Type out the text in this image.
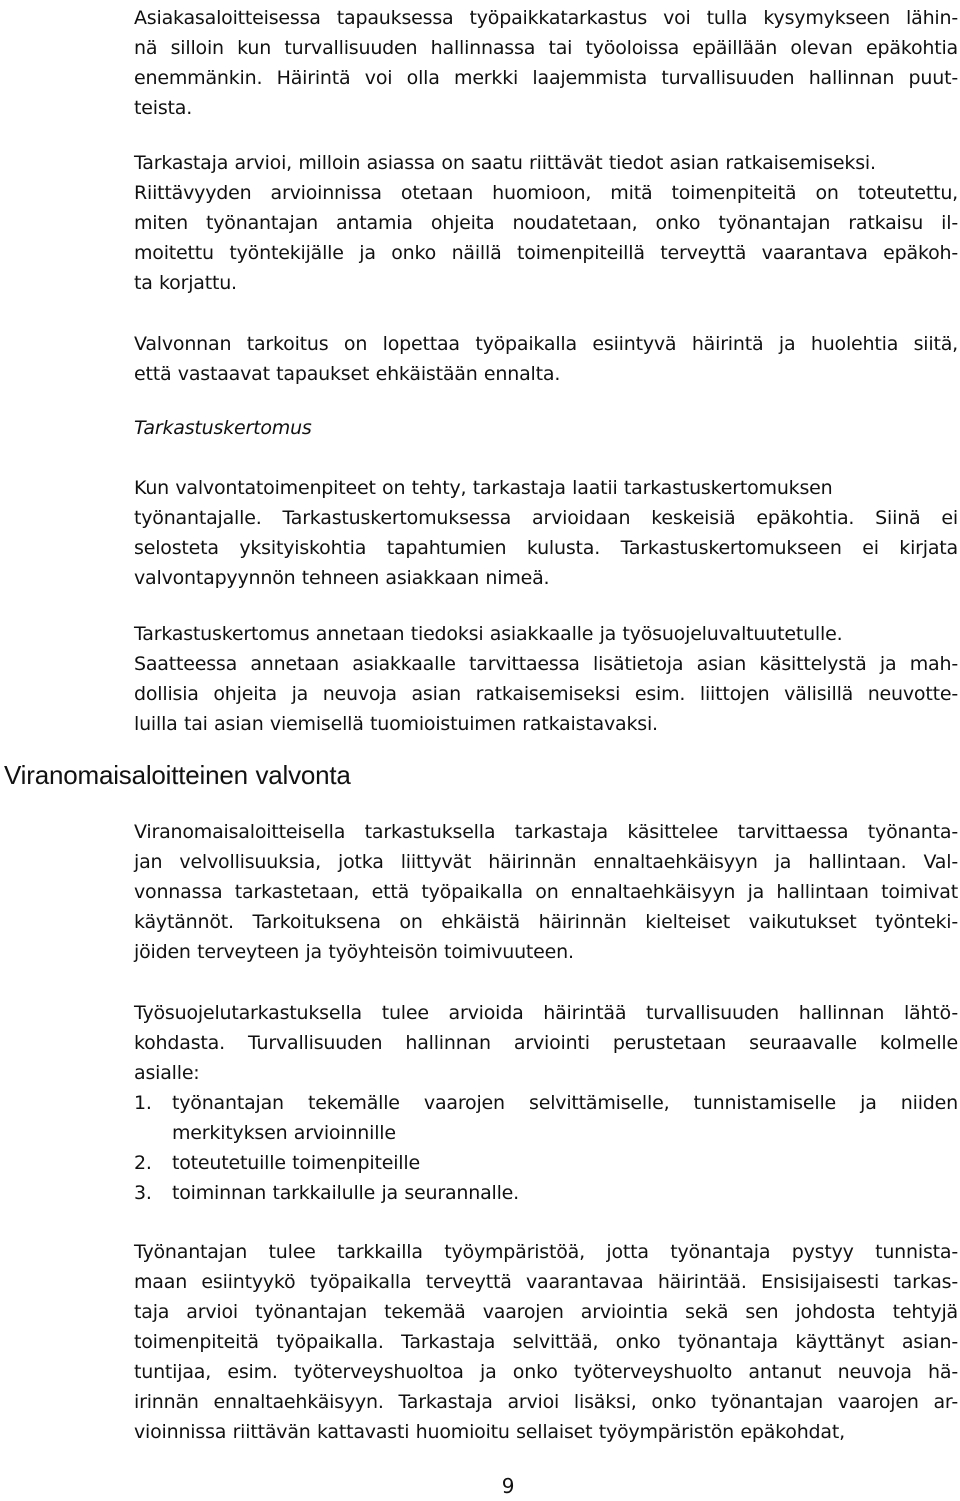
Asiakasaloitteisessa tapauksessa työpaikkatarkastus voi tulla kysymykseen lähin-
nä silloin kun turvallisuuden hallinnassa tai työoloissa epäillään olevan epäkohtia
enemmänkin. Häirintä voi olla merkki laajemmista turvallisuuden hallinnan puut-
teista.
Tarkastaja arvioi, milloin asiassa on saatu riittävät tiedot asian ratkaisemiseksi.
Riittävyyden arvioinnissa otetaan huomioon, mitä toimenpiteitä on toteutettu,
miten työnantajan antamia ohjeita noudatetaan, onko työnantajan ratkaisu il-
moitettu työntekijälle ja onko näillä toimenpiteillä terveyttä vaarantava epäkoh-
ta korjattu.
Valvonnan tarkoitus on lopettaa työpaikalla esiintyvä häirintä ja huolehtia siitä,
että vastaavat tapaukset ehkäistään ennalta.
Tarkastuskertomus
Kun valvontatoimenpiteet on tehty, tarkastaja laatii tarkastuskertomuksen
työnantajalle. Tarkastuskertomuksessa arvioidaan keskeisiä epäkohtia. Siinä ei
selosteta yksityiskohtia tapahtumien kulusta. Tarkastuskertomukseen ei kirjata
valvontapyynnön tehneen asiakkaan nimeä.
Tarkastuskertomus annetaan tiedoksi asiakkaalle ja työsuojeluvaltuutetulle.
Saatteessa annetaan asiakkaalle tarvittaessa lisätietoja asian käsittelystä ja mah-
dollisia ohjeita ja neuvoja asian ratkaisemiseksi esim. liittojen välisillä neuvotte-
luilla tai asian viemisellä tuomioistuimen ratkaistavaksi.
Viranomaisaloitteinen valvonta
Viranomaisaloitteisella tarkastuksella tarkastaja käsittelee tarvittaessa työnanta-
jan velvollisuuksia, jotka liittyvät häirinnän ennaltaehkäisyyn ja hallintaan. Val-
vonnassa tarkastetaan, että työpaikalla on ennaltaehkäisyyn ja hallintaan toimivat
käytännöt. Tarkoituksena on ehkäistä häirinnän kielteiset vaikutukset työnteki-
jöiden terveyteen ja työyhteisön toimivuuteen.
Työsuojelutarkastuksella tulee arvioida häirintää turvallisuuden hallinnan lähtö-
kohdasta. Turvallisuuden hallinnan arviointi perustetaan seuraavalle kolmelle
asialle:
1. työnantajan tekemälle vaarojen selvittämiselle, tunnistamiselle ja niiden
merkityksen arvioinnille
2. toteutetuille toimenpiteille
3. toiminnan tarkkailulle ja seurannalle.
Työnantajan tulee tarkkailla työympäristöä, jotta työnantaja pystyy tunnista-
maan esiintyykö työpaikalla terveyttä vaarantavaa häirintää. Ensisijaisesti tarkas-
taja arvioi työnantajan tekemää vaarojen arviointia sekä sen johdosta tehtyjä
toimenpiteitä työpaikalla. Tarkastaja selvittää, onko työnantaja käyttänyt asian-
tuntijaa, esim. työterveyshuoltoa ja onko työterveyshuolto antanut neuvoja hä-
irinnän ennaltaehkäisyyn. Tarkastaja arvioi lisäksi, onko työnantajan vaarojen ar-
vioinnissa riittävän kattavasti huomioitu sellaiset työympäristön epäkohdat,
9
